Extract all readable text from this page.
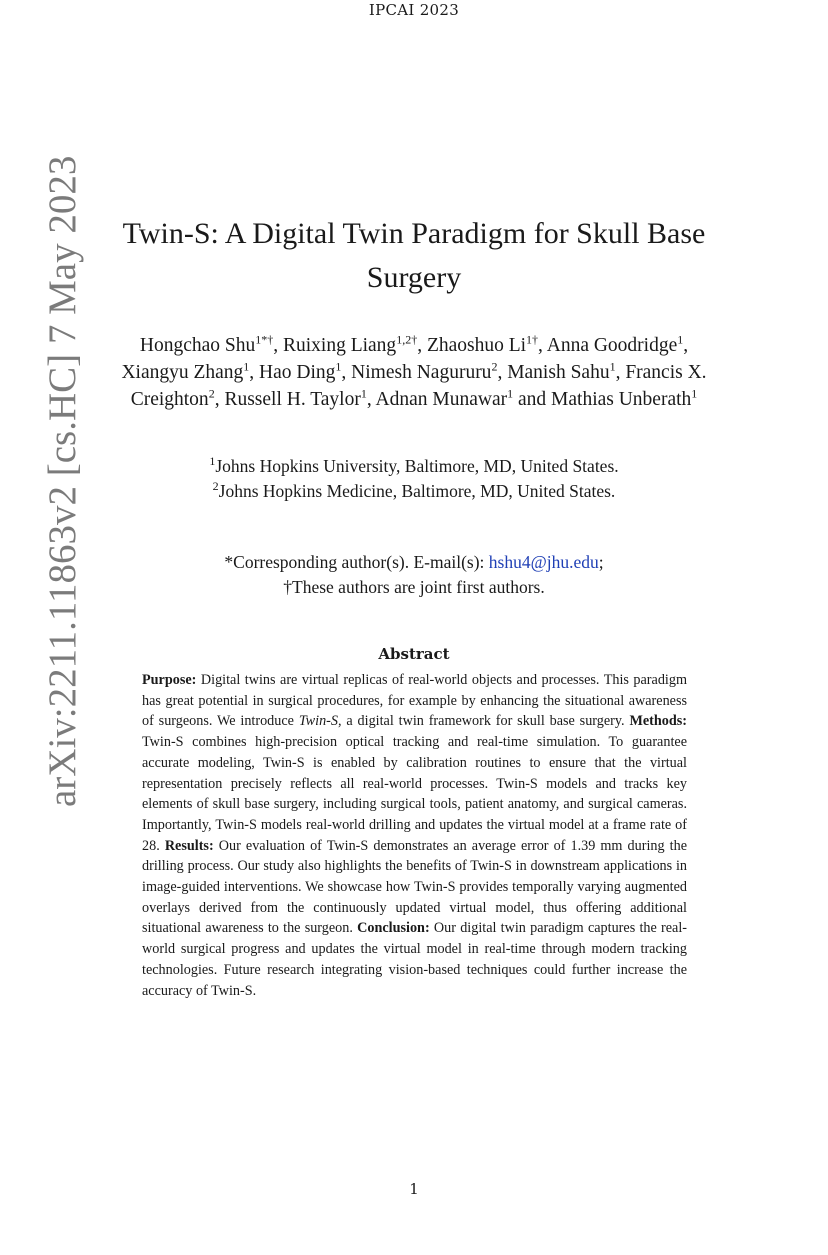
IPCAI 2023
arXiv:2211.11863v2 [cs.HC] 7 May 2023	Twin-S: A Digital Twin Paradigm for Skull Base Surgery
Hongchao Shu$^{1*\dagger}$, Ruixing Liang$^{1,2\dagger}$, Zhaoshuo $Li^{1\dagger}$, Anna Goodridge$^1$, Xiangyu Zhang$^1$, Hao Ding$^1$, Nimesh Nagururu$^2$, Manish Sahu$^1$, Francis X. Creighton$^2$, Russell H. Taylor$^1$, Adnan Munawar$^1$ and Mathias Unberath$^1$
$^1$Johns Hopkins University, Baltimore, MD, United States.
$^2$Johns Hopkins Medicine, Baltimore, MD, United States.
*Corresponding author(s). E-mail(s): hshu4@jhu.edu;
†These authors are joint first authors.
Abstract

Purpose: Digital twins are virtual replicas of real-world objects and processes. This paradigm has great potential in surgical procedures, for example by enhancing the situational awareness of surgeons. We introduce Twin-S, a digital twin framework for skull base surgery. Methods: Twin-S combines high-precision optical tracking and real-time simulation. To guarantee accurate modeling, Twin-S is enabled by calibration routines to ensure that the virtual representation precisely reflects all real-world processes. Twin-S models and tracks key elements of skull base surgery, including surgical tools, patient anatomy, and surgical cameras. Importantly, Twin-S models real-world drilling and updates the virtual model at a frame rate of 28. Results: Our evaluation of Twin-S demonstrates an average error of 1.39 mm during the drilling process. Our study also highlights the benefits of Twin-S in downstream applications in image-guided interventions. We showcase how Twin-S provides temporally varying augmented overlays derived from the continuously updated virtual model, thus offering additional situational awareness to the surgeon. Conclusion: Our digital twin paradigm captures the real-world surgical progress and updates the virtual model in real-time through modern tracking technologies. Future research integrating vision-based techniques could further increase the accuracy of Twin-S.

1
